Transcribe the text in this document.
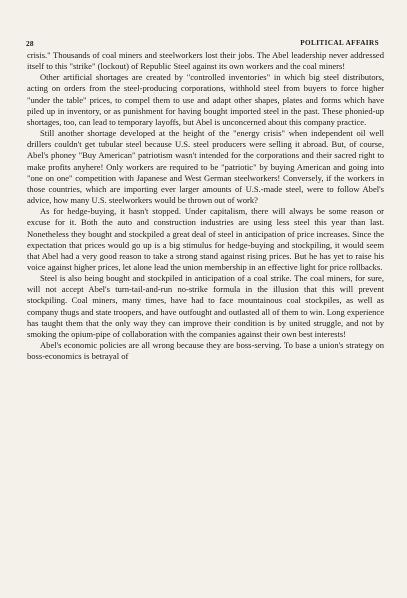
28	POLITICAL AFFAIRS

crisis." Thousands of coal miners and steelworkers lost their jobs. The Abel leadership never addressed itself to this "strike" (lockout) of Republic Steel against its own workers and the coal miners!

Other artificial shortages are created by "controlled inventories" in which big steel distributors, acting on orders from the steel-producing corporations, withhold steel from buyers to force higher "under the table" prices, to compel them to use and adapt other shapes, plates and forms which have piled up in inventory, or as punishment for having bought imported steel in the past. These phonied-up shortages, too, can lead to temporary layoffs, but Abel is unconcerned about this company practice.

Still another shortage developed at the height of the "energy crisis" when independent oil well drillers couldn't get tubular steel because U.S. steel producers were selling it abroad. But, of course, Abel's phoney "Buy American" patriotism wasn't intended for the corporations and their sacred right to make profits anyhere! Only workers are required to be "patriotic" by buying American and going into "one on one" competition with Japanese and West German steelworkers! Conversely, if the workers in those countries, which are importing ever larger amounts of U.S.-made steel, were to follow Abel's advice, how many U.S. steelworkers would be thrown out of work?

As for hedge-buying, it hasn't stopped. Under capitalism, there will always be some reason or excuse for it. Both the auto and construction industries are using less steel this year than last. Nonetheless they bought and stockpiled a great deal of steel in anticipation of price increases. Since the expectation that prices would go up is a big stimulus for hedge-buying and stockpiling, it would seem that Abel had a very good reason to take a strong stand against rising prices. But he has yet to raise his voice against higher prices, let alone lead the union membership in an effective light for price rollbacks.

Steel is also being bought and stockpiled in anticipation of a coal strike. The coal miners, for sure, will not accept Abel's turn-tail-and-run no-strike formula in the illusion that this will prevent stockpiling. Coal miners, many times, have had to face mountainous coal stockpiles, as well as company thugs and state troopers, and have outfought and outlasted all of them to win. Long experience has taught them that the only way they can improve their condition is by united struggle, and not by smoking the opium-pipe of collaboration with the companies against their own best interests!

Abel's economic policies are all wrong because they are boss-serving. To base a union's strategy on boss-economics is betrayal of
